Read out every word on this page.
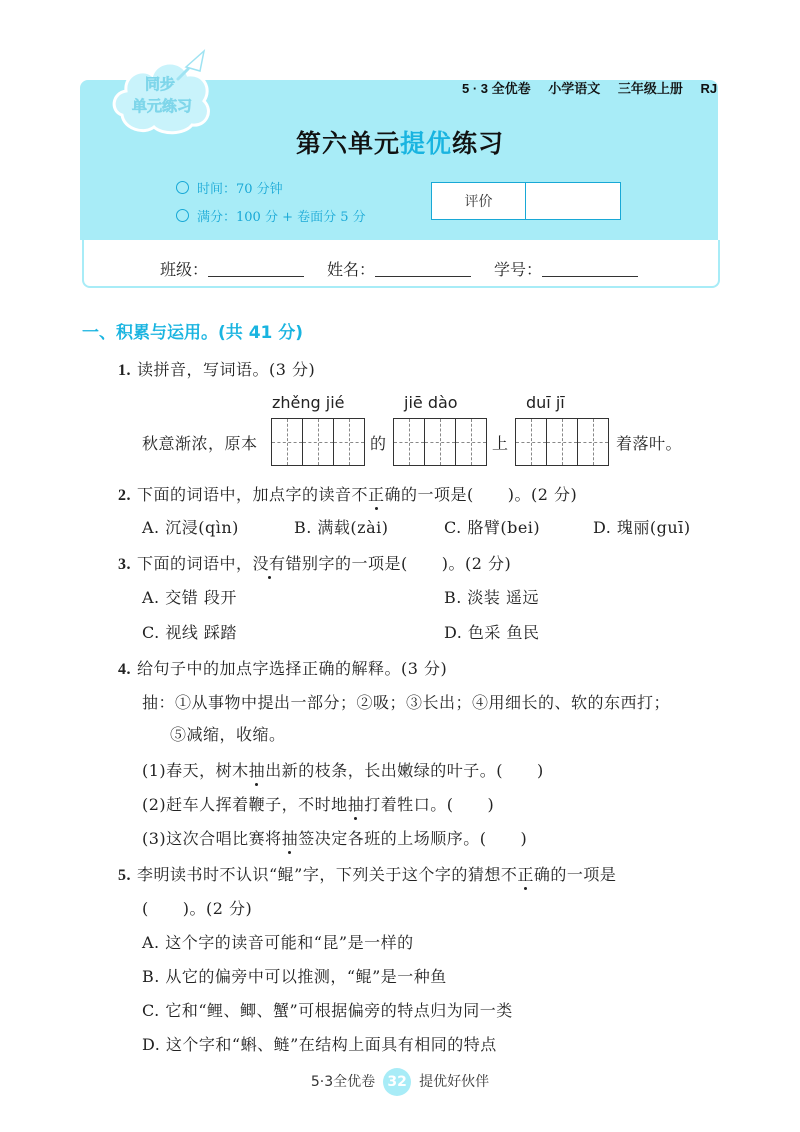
同步
单元练习
5 · 3 全优卷 小学语文 三年级上册 RJ
第六单元提优练习
时间：70 分钟
满分：100 分 + 卷面分 5 分
评价
班级：	姓名：	学号：
一、积累与运用。(共 41 分)
1. 读拼音，写词语。(3 分)
zhěng jié	jiē dào	duī jī
秋意渐浓，原本	的	上	着落叶。
2. 下面的词语中，加点字的读音不正确的一项是( )。(2 分)
A. 沉浸(qìn)	B. 满载(zài)	C. 胳臂(bei)	D. 瑰丽(guī)
3. 下面的词语中，没有错别字的一项是( )。(2 分)
A. 交错 段开	B. 淡装 遥远
C. 视线 踩踏	D. 色采 鱼民
4. 给句子中的加点字选择正确的解释。(3 分)
抽：①从事物中提出一部分；②吸；③长出；④用细长的、软的东西打；
⑤减缩，收缩。
(1)春天，树木抽出新的枝条，长出嫩绿的叶子。( )
(2)赶车人挥着鞭子，不时地抽打着牲口。( )
(3)这次合唱比赛将抽签决定各班的上场顺序。( )
5. 李明读书时不认识“鲲”字，下列关于这个字的猜想不正确的一项是
( )。(2 分)
A. 这个字的读音可能和“昆”是一样的
B. 从它的偏旁中可以推测，“鲲”是一种鱼
C. 它和“鲤、鲫、蟹”可根据偏旁的特点归为同一类
D. 这个字和“蝌、鲢”在结构上面具有相同的特点
5·3全优卷 32 提优好伙伴
